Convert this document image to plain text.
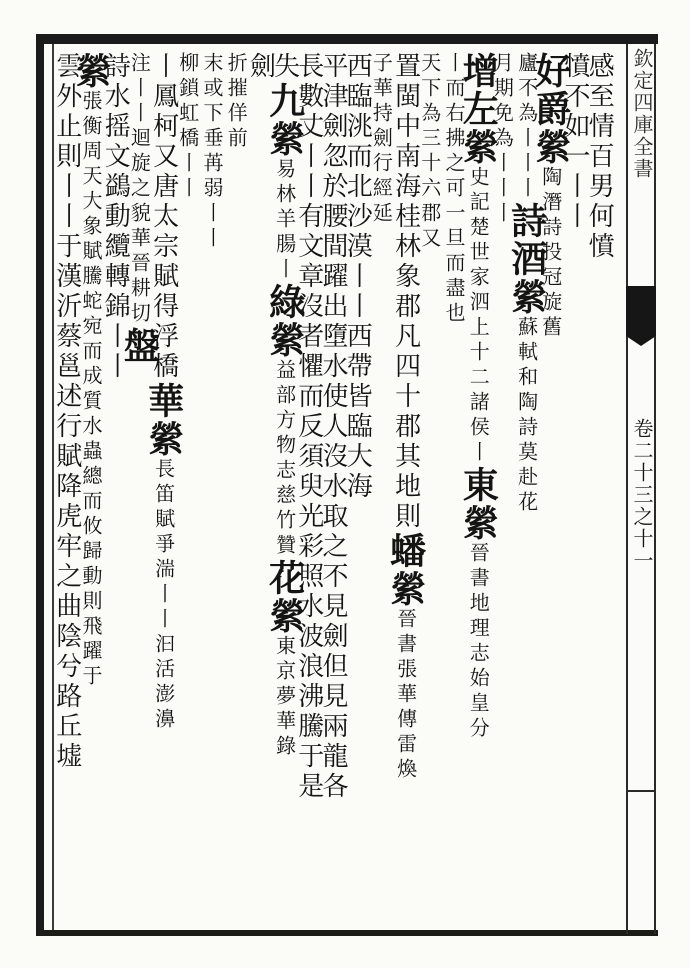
欽定四庫全書
卷二十三之十一
感至情百男何憤
憤不如一丨丨
好爵縈陶潛詩投冠旋舊
廬不為丨丨丨詩酒縈蘇軾和陶詩莫赴花
月期免為丨丨丨
增左縈史記楚世家泗上十二諸侯丨東縈晉書地理志始皇分
丨而右拂之可一旦而盡也
天下為三十六郡又
置閩中南海桂林象郡凡四十郡其地則蟠縈晉書張華傳雷煥
子華持劍行經延
西臨洮而北沙漠丨丨西帶皆臨大海
平津劍忽於腰間躍出墮水使人沒水取之不見劍但見兩龍各
長數丈丨丨有文章沒者懼而反須臾光彩照水波浪沸騰于是
失九縈易林羊腸丨綠縈益部方物志慈竹贊花縈東京夢華錄
劍
折摧佯前
末或下垂苒弱丨丨
柳鎖虹橋丨丨
丨鳳柯又唐太宗賦得浮橋華縈長笛賦爭湍丨丨汩活澎濞
注丨丨迴旋之貌華晉耕切盤
詩水摇文鷁動纜轉錦丨丨
縈張衡周天大象賦騰蛇宛而成質水蟲總而攸歸動則飛躍于
雲外止則丨丨于漢沂蔡邕述行賦降虎牢之曲陰兮路丘墟
